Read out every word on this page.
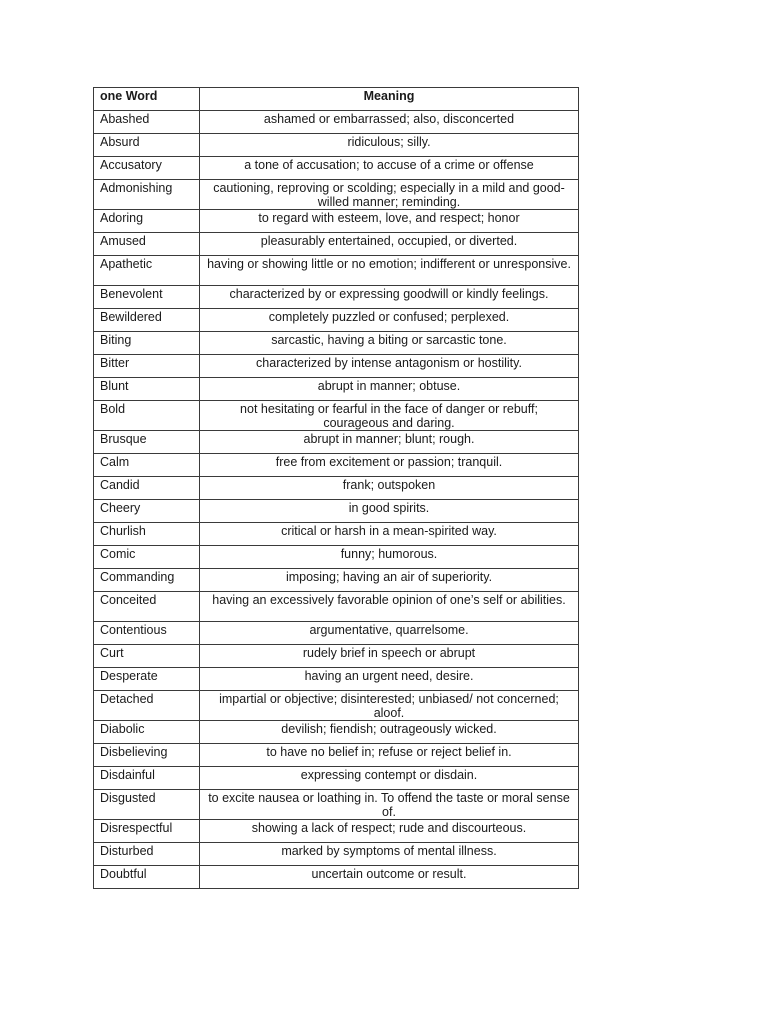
one Word	Meaning
Abashed	ashamed or embarrassed; also, disconcerted
Absurd	ridiculous; silly.
Accusatory	a tone of accusation; to accuse of a crime or offense
Admonishing	cautioning, reproving or scolding; especially in a mild and good-willed manner; reminding.
Adoring	to regard with esteem, love, and respect; honor
Amused	pleasurably entertained, occupied, or diverted.
Apathetic	having or showing little or no emotion; indifferent or unresponsive.
Benevolent	characterized by or expressing goodwill or kindly feelings.
Bewildered	completely puzzled or confused; perplexed.
Biting	sarcastic, having a biting or sarcastic tone.
Bitter	characterized by intense antagonism or hostility.
Blunt	abrupt in manner; obtuse.
Bold	not hesitating or fearful in the face of danger or rebuff; courageous and daring.
Brusque	abrupt in manner; blunt; rough.
Calm	free from excitement or passion; tranquil.
Candid	frank; outspoken
Cheery	in good spirits.
Churlish	critical or harsh in a mean-spirited way.
Comic	funny; humorous.
Commanding	imposing; having an air of superiority.
Conceited	having an excessively favorable opinion of one’s self or abilities.
Contentious	argumentative, quarrelsome.
Curt	rudely brief in speech or abrupt
Desperate	having an urgent need, desire.
Detached	impartial or objective; disinterested; unbiased/ not concerned; aloof.
Diabolic	devilish; fiendish; outrageously wicked.
Disbelieving	to have no belief in; refuse or reject belief in.
Disdainful	expressing contempt or disdain.
Disgusted	to excite nausea or loathing in. To offend the taste or moral sense of.
Disrespectful	showing a lack of respect; rude and discourteous.
Disturbed	marked by symptoms of mental illness.
Doubtful	uncertain outcome or result.
